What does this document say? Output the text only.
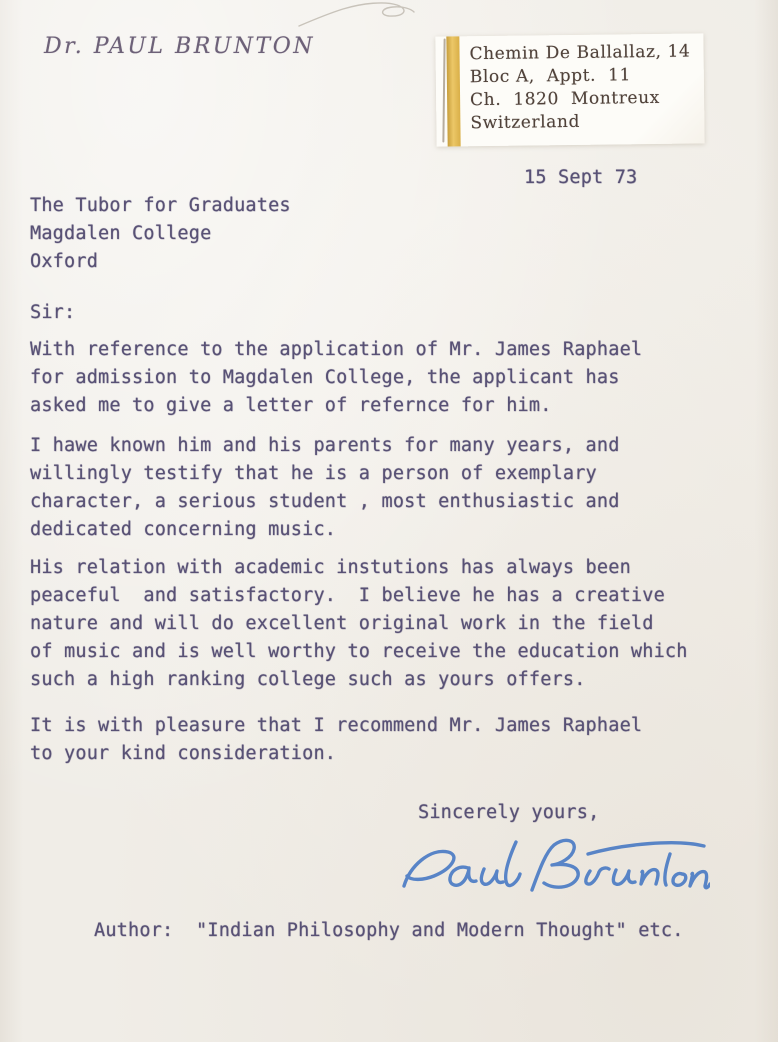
Dr. PAUL BRUNTON	Chemin De Ballallaz, 14
Bloc A,  Appt.  11
Ch.  1820  Montreux
Switzerland
15 Sept 73
The Tubor for Graduates
Magdalen College
Oxford
Sir:
With reference to the application of Mr. James Raphael
for admission to Magdalen College, the applicant has
asked me to give a letter of refernce for him.
I hawe known him and his parents for many years, and
willingly testify that he is a person of exemplary
character, a serious student , most enthusiastic and
dedicated concerning music.
His relation with academic instutions has always been
peaceful  and satisfactory.  I believe he has a creative
nature and will do excellent original work in the field
of music and is well worthy to receive the education which
such a high ranking college such as yours offers.
It is with pleasure that I recommend Mr. James Raphael
to your kind consideration.
Sincerely yours,
Author:  "Indian Philosophy and Modern Thought" etc.
